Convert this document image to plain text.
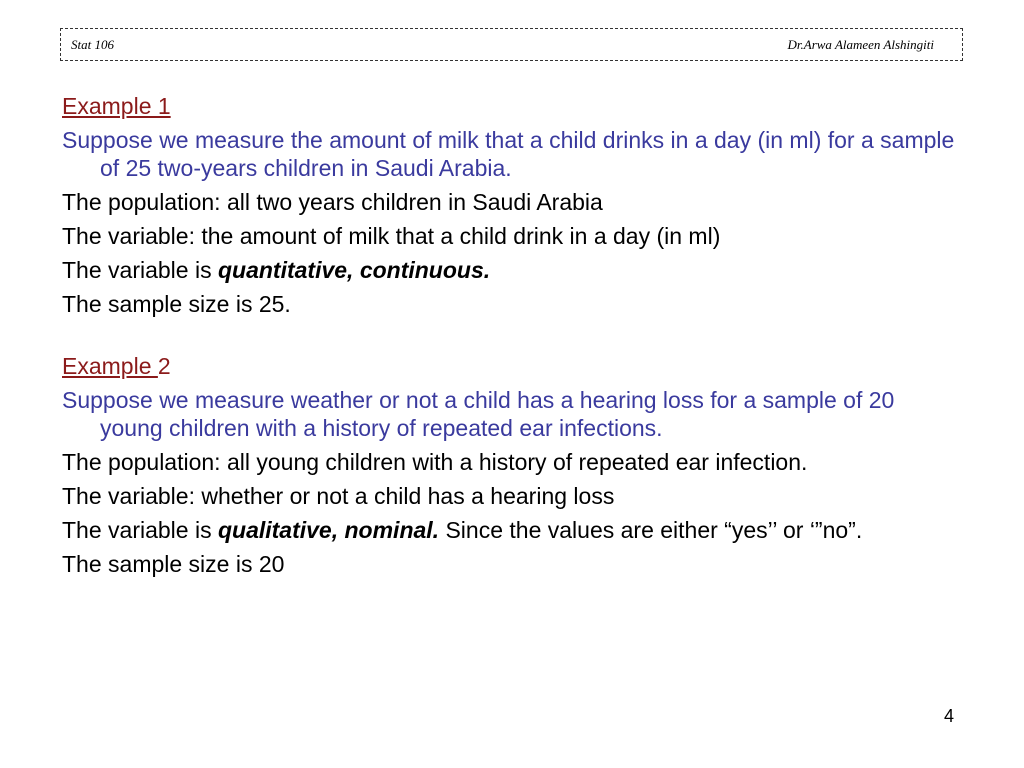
Stat 106	Dr.Arwa Alameen Alshingiti

Example 1

Suppose we measure the amount of milk that a child drinks in a day (in ml) for a sample of 25 two-years children in Saudi Arabia.

The population: all two years children in Saudi Arabia

The variable: the amount of milk that a child drink in a day (in ml)

The variable is quantitative, continuous.

The sample size is 25.

Example 2

Suppose we measure weather or not a child has a hearing loss for a sample of 20 young children with a history of repeated ear infections.

The population: all young children with a history of repeated ear infection.

The variable: whether or not a child has a hearing loss

The variable is qualitative, nominal. Since the values are either “yes’’ or ‘”no”.

The sample size is 20

4
